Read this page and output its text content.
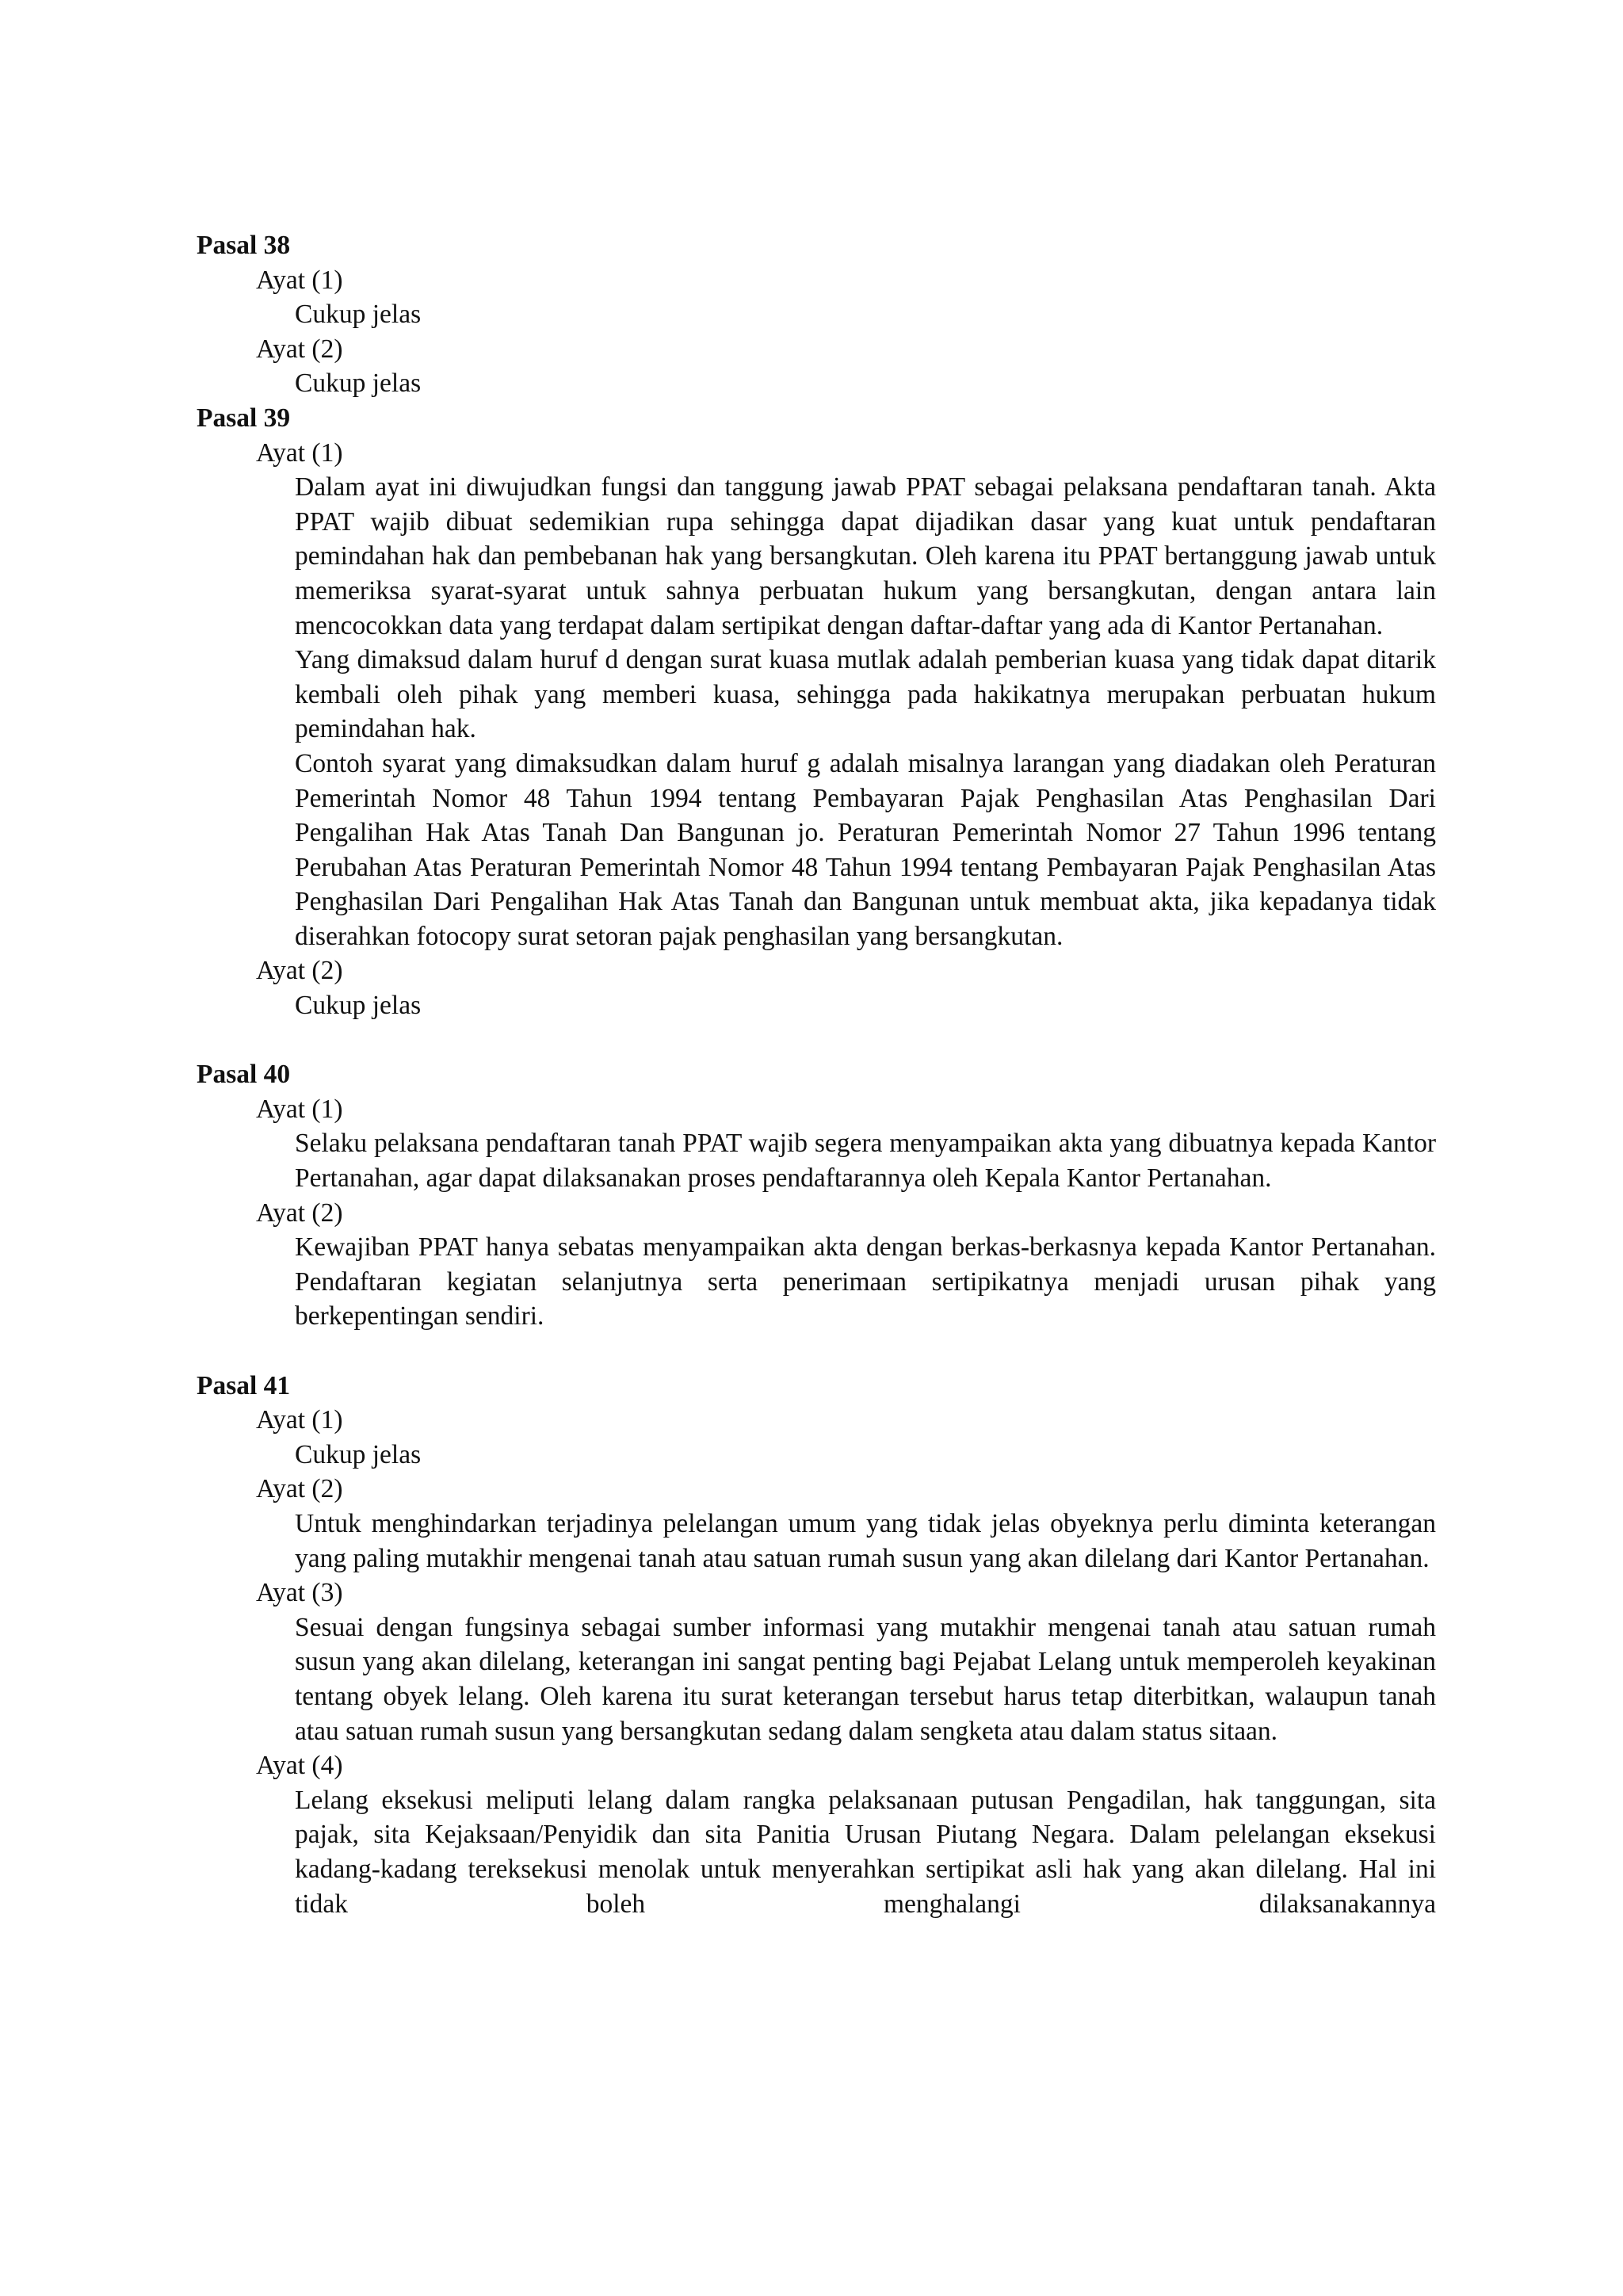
Pasal 38

Ayat (1)

Cukup jelas

Ayat (2)

Cukup jelas

Pasal 39

Ayat (1)

Dalam ayat ini diwujudkan fungsi dan tanggung jawab PPAT sebagai pelaksana pendaftaran tanah. Akta PPAT wajib dibuat sedemikian rupa sehingga dapat dijadikan dasar yang kuat untuk pendaftaran pemindahan hak dan pembebanan hak yang bersangkutan. Oleh karena itu PPAT bertanggung jawab untuk memeriksa syarat-syarat untuk sahnya perbuatan hukum yang bersangkutan, dengan antara lain mencocokkan data yang terdapat dalam sertipikat dengan daftar-daftar yang ada di Kantor Pertanahan.

Yang dimaksud dalam huruf d dengan surat kuasa mutlak adalah pemberian kuasa yang tidak dapat ditarik kembali oleh pihak yang memberi kuasa, sehingga pada hakikatnya merupakan perbuatan hukum pemindahan hak.

Contoh syarat yang dimaksudkan dalam huruf g adalah misalnya larangan yang diadakan oleh Peraturan Pemerintah Nomor 48 Tahun 1994 tentang Pembayaran Pajak Penghasilan Atas Penghasilan Dari Pengalihan Hak Atas Tanah Dan Bangunan jo. Peraturan Pemerintah Nomor 27 Tahun 1996 tentang Perubahan Atas Peraturan Pemerintah Nomor 48 Tahun 1994 tentang Pembayaran Pajak Penghasilan Atas Penghasilan Dari Pengalihan Hak Atas Tanah dan Bangunan untuk membuat akta, jika kepadanya tidak diserahkan fotocopy surat setoran pajak penghasilan yang bersangkutan.

Ayat (2)

Cukup jelas

Pasal 40

Ayat (1)

Selaku pelaksana pendaftaran tanah PPAT wajib segera menyampaikan akta yang dibuatnya kepada Kantor Pertanahan, agar dapat dilaksanakan proses pendaftarannya oleh Kepala Kantor Pertanahan.

Ayat (2)

Kewajiban PPAT hanya sebatas menyampaikan akta dengan berkas-berkasnya kepada Kantor Pertanahan. Pendaftaran kegiatan selanjutnya serta penerimaan sertipikatnya menjadi urusan pihak yang berkepentingan sendiri.

Pasal 41

Ayat (1)

Cukup jelas

Ayat (2)

Untuk menghindarkan terjadinya pelelangan umum yang tidak jelas obyeknya perlu diminta keterangan yang paling mutakhir mengenai tanah atau satuan rumah susun yang akan dilelang dari Kantor Pertanahan.

Ayat (3)

Sesuai dengan fungsinya sebagai sumber informasi yang mutakhir mengenai tanah atau satuan rumah susun yang akan dilelang, keterangan ini sangat penting bagi Pejabat Lelang untuk memperoleh keyakinan tentang obyek lelang. Oleh karena itu surat keterangan tersebut harus tetap diterbitkan, walaupun tanah atau satuan rumah susun yang bersangkutan sedang dalam sengketa atau dalam status sitaan.

Ayat (4)

Lelang eksekusi meliputi lelang dalam rangka pelaksanaan putusan Pengadilan, hak tanggungan, sita pajak, sita Kejaksaan/Penyidik dan sita Panitia Urusan Piutang Negara. Dalam pelelangan eksekusi kadang-kadang tereksekusi menolak untuk menyerahkan sertipikat asli hak yang akan dilelang. Hal ini tidak boleh menghalangi dilaksanakannya
